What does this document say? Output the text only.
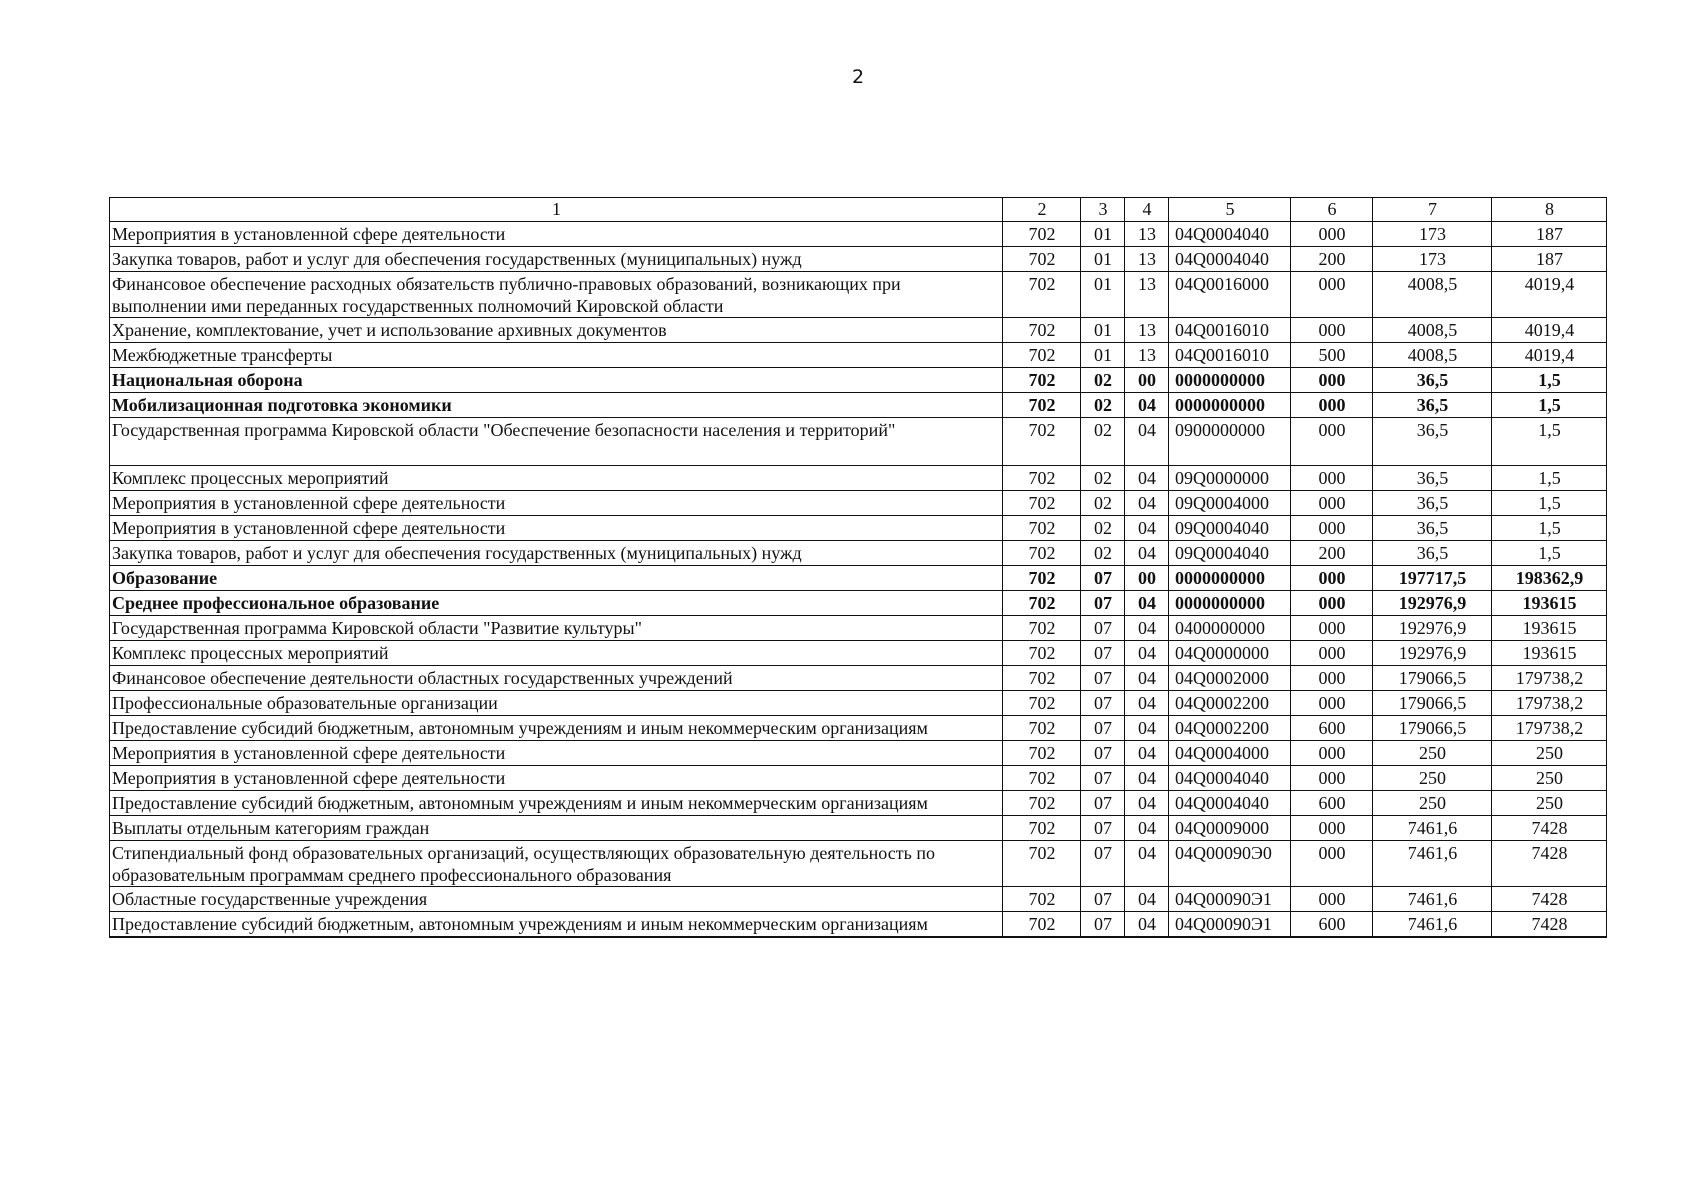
2
1	2	3	4	5	6	7	8
Мероприятия в установленной сфере деятельности	702	01	13	04Q0004040	000	173	187
Закупка товаров, работ и услуг для обеспечения государственных (муниципальных) нужд	702	01	13	04Q0004040	200	173	187
Финансовое обеспечение расходных обязательств публично-правовых образований, возникающих при выполнении ими переданных государственных полномочий Кировской области	702	01	13	04Q0016000	000	4008,5	4019,4
Хранение, комплектование, учет и использование архивных документов	702	01	13	04Q0016010	000	4008,5	4019,4
Межбюджетные трансферты	702	01	13	04Q0016010	500	4008,5	4019,4
Национальная оборона	702	02	00	0000000000	000	36,5	1,5
Мобилизационная подготовка экономики	702	02	04	0000000000	000	36,5	1,5
Государственная программа Кировской области "Обеспечение безопасности населения и территорий"	702	02	04	0900000000	000	36,5	1,5
Комплекс процессных мероприятий	702	02	04	09Q0000000	000	36,5	1,5
Мероприятия в установленной сфере деятельности	702	02	04	09Q0004000	000	36,5	1,5
Мероприятия в установленной сфере деятельности	702	02	04	09Q0004040	000	36,5	1,5
Закупка товаров, работ и услуг для обеспечения государственных (муниципальных) нужд	702	02	04	09Q0004040	200	36,5	1,5
Образование	702	07	00	0000000000	000	197717,5	198362,9
Среднее профессиональное образование	702	07	04	0000000000	000	192976,9	193615
Государственная программа Кировской области "Развитие культуры"	702	07	04	0400000000	000	192976,9	193615
Комплекс процессных мероприятий	702	07	04	04Q0000000	000	192976,9	193615
Финансовое обеспечение деятельности областных государственных учреждений	702	07	04	04Q0002000	000	179066,5	179738,2
Профессиональные образовательные организации	702	07	04	04Q0002200	000	179066,5	179738,2
Предоставление субсидий бюджетным, автономным учреждениям и иным некоммерческим организациям	702	07	04	04Q0002200	600	179066,5	179738,2
Мероприятия в установленной сфере деятельности	702	07	04	04Q0004000	000	250	250
Мероприятия в установленной сфере деятельности	702	07	04	04Q0004040	000	250	250
Предоставление субсидий бюджетным, автономным учреждениям и иным некоммерческим организациям	702	07	04	04Q0004040	600	250	250
Выплаты отдельным категориям граждан	702	07	04	04Q0009000	000	7461,6	7428
Стипендиальный фонд образовательных организаций, осуществляющих образовательную деятельность по образовательным программам среднего профессионального образования	702	07	04	04Q00090Э0	000	7461,6	7428
Областные государственные учреждения	702	07	04	04Q00090Э1	000	7461,6	7428
Предоставление субсидий бюджетным, автономным учреждениям и иным некоммерческим организациям	702	07	04	04Q00090Э1	600	7461,6	7428
